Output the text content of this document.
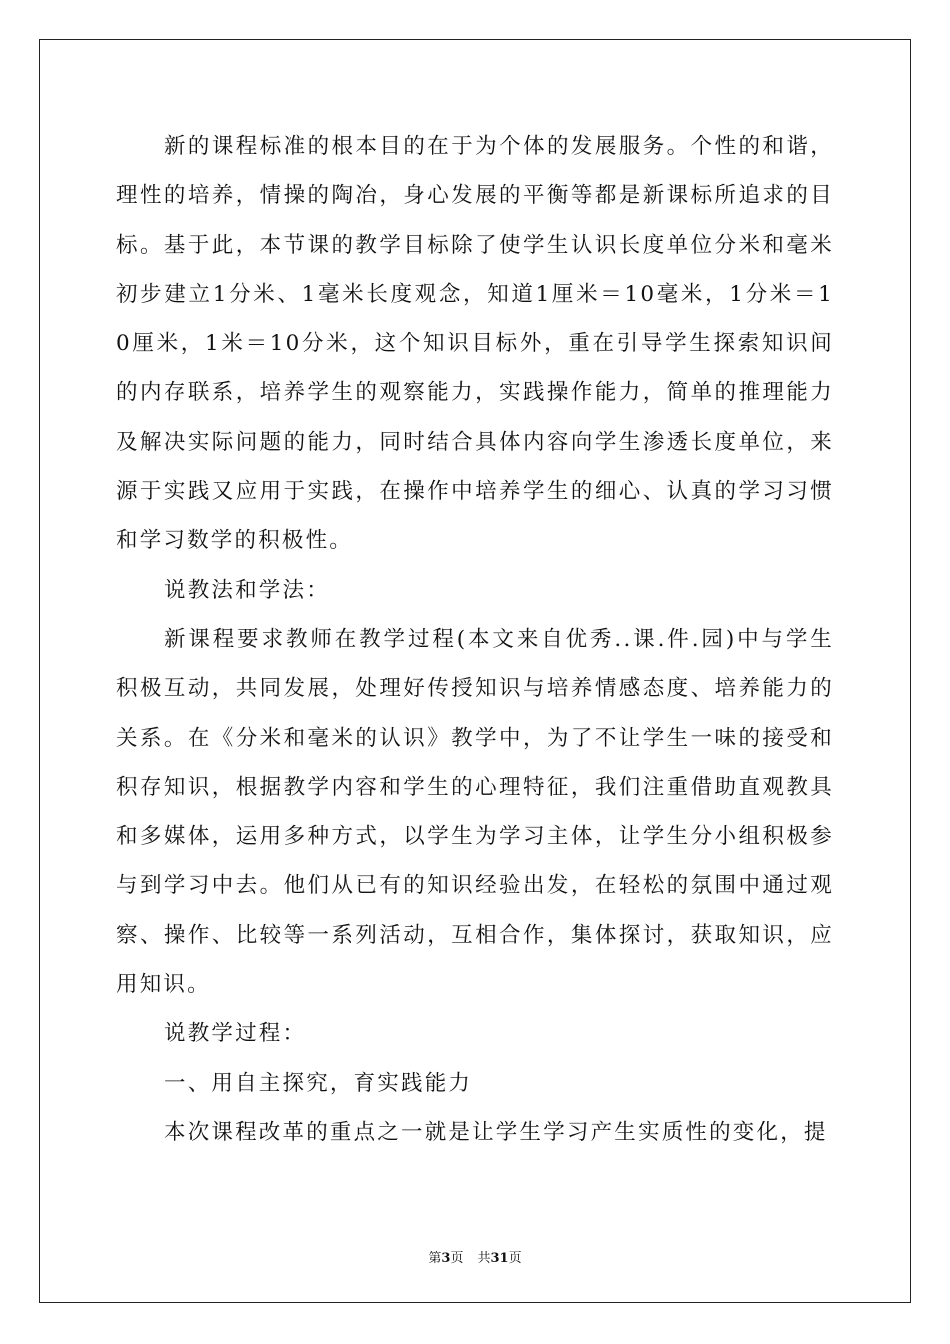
新的课程标准的根本目的在于为个体的发展服务。个性的和谐，理性的培养，情操的陶冶，身心发展的平衡等都是新课标所追求的目标。基于此，本节课的教学目标除了使学生认识长度单位分米和毫米初步建立1分米、1毫米长度观念，知道1厘米＝10毫米，1分米＝10厘米，1米＝10分米，这个知识目标外，重在引导学生探索知识间的内存联系，培养学生的观察能力，实践操作能力，简单的推理能力及解决实际问题的能力，同时结合具体内容向学生渗透长度单位，来源于实践又应用于实践，在操作中培养学生的细心、认真的学习习惯和学习数学的积极性。

说教法和学法：

新课程要求教师在教学过程(本文来自优秀..课.件.园)中与学生积极互动，共同发展，处理好传授知识与培养情感态度、培养能力的关系。在《分米和毫米的认识》教学中，为了不让学生一味的接受和积存知识，根据教学内容和学生的心理特征，我们注重借助直观教具和多媒体，运用多种方式，以学生为学习主体，让学生分小组积极参与到学习中去。他们从已有的知识经验出发，在轻松的氛围中通过观察、操作、比较等一系列活动，互相合作，集体探讨，获取知识，应用知识。

说教学过程：

一、用自主探究，育实践能力

本次课程改革的重点之一就是让学生学习产生实质性的变化，提

第3页 共31页
